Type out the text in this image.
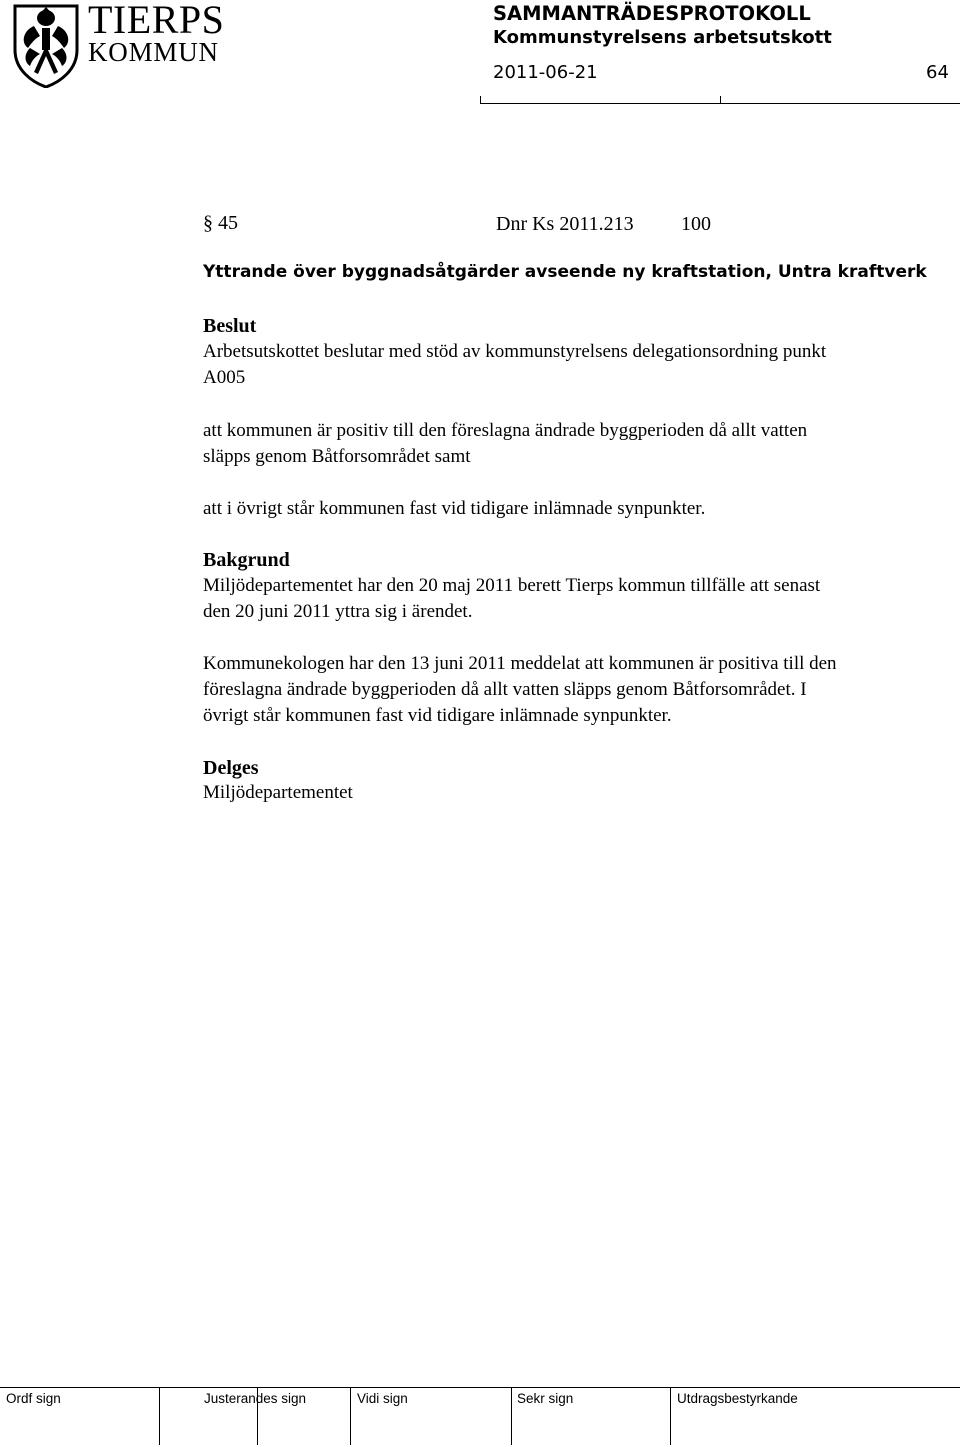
TIERPS
KOMMUN
SAMMANTRÄDESPROTOKOLL
Kommunstyrelsens arbetsutskott
2011-06-21	64
§ 45	Dnr Ks 2011.213 100
Yttrande över byggnadsåtgärder avseende ny kraftstation, Untra kraftverk
Beslut
Arbetsutskottet beslutar med stöd av kommunstyrelsens delegationsordning punkt
A005
att kommunen är positiv till den föreslagna ändrade byggperioden då allt vatten
släpps genom Båtforsområdet samt
att i övrigt står kommunen fast vid tidigare inlämnade synpunkter.
Bakgrund
Miljödepartementet har den 20 maj 2011 berett Tierps kommun tillfälle att senast
den 20 juni 2011 yttra sig i ärendet.
Kommunekologen har den 13 juni 2011 meddelat att kommunen är positiva till den
föreslagna ändrade byggperioden då allt vatten släpps genom Båtforsområdet. I
övrigt står kommunen fast vid tidigare inlämnade synpunkter.
Delges
Miljödepartementet
Ordf sign	Justerandes sign	Vidi sign	Sekr sign	Utdragsbestyrkande
